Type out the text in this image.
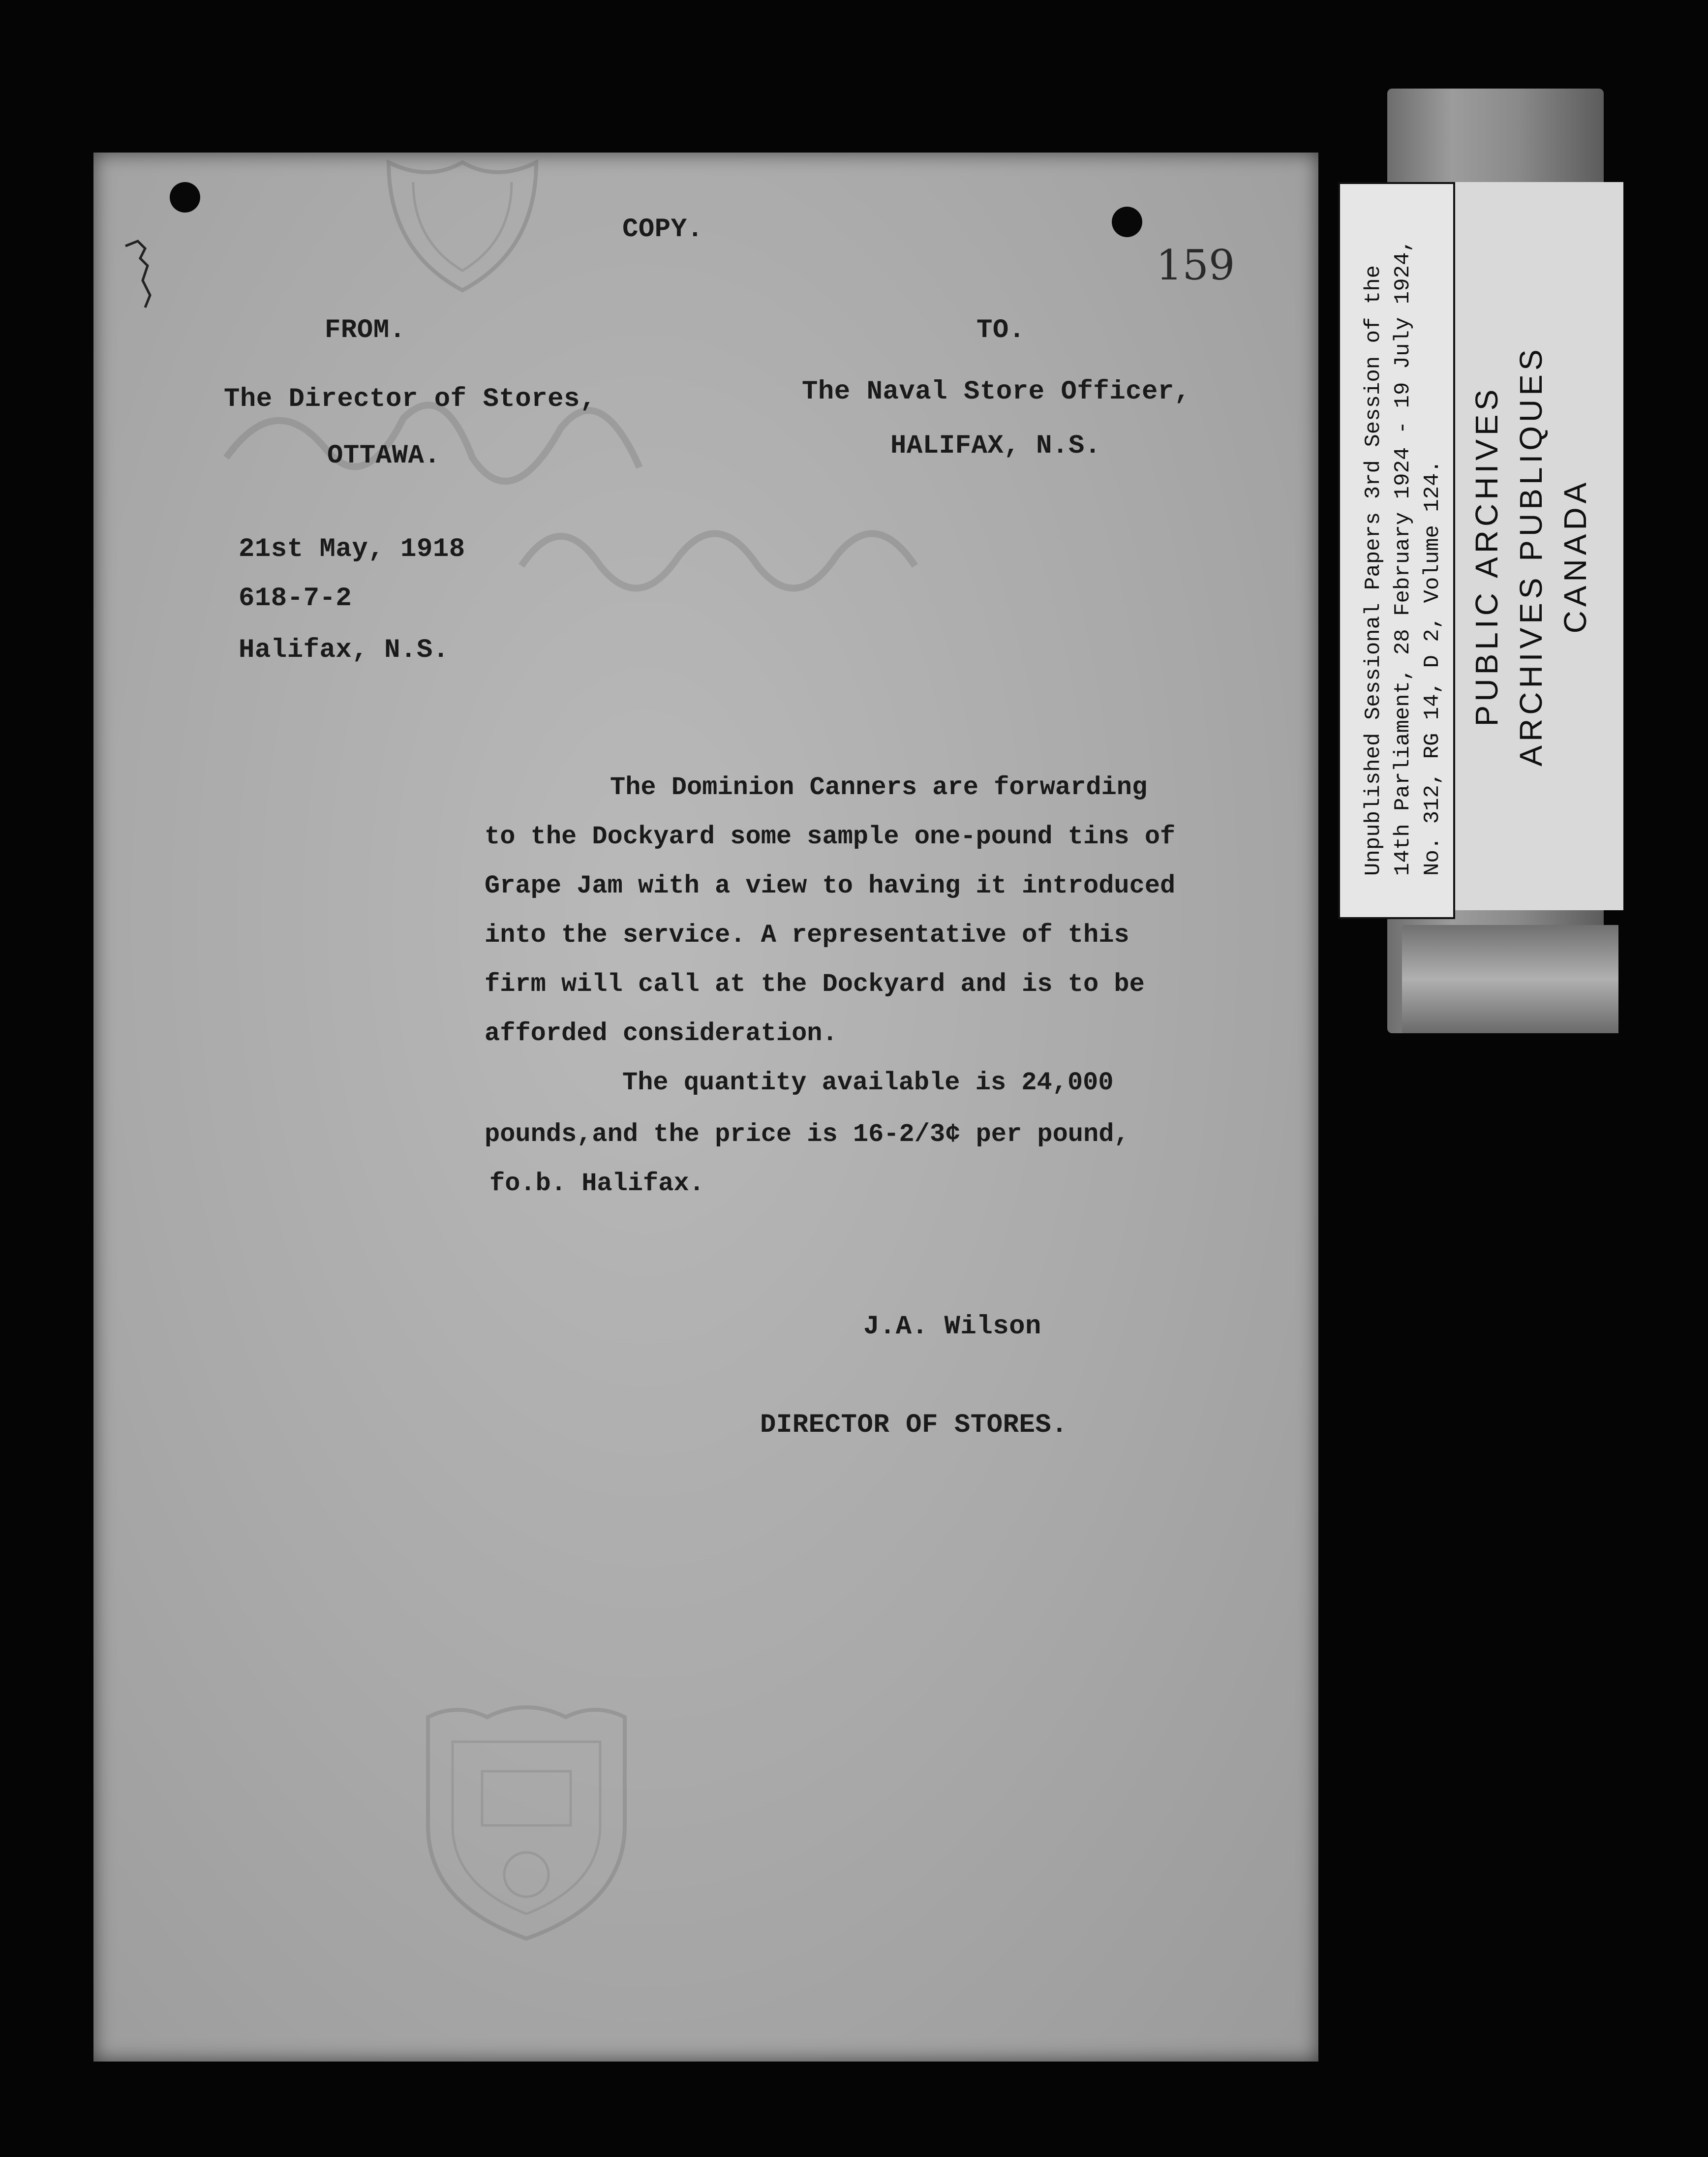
COPY.
159
FROM.	TO.
The Director of Stores,
OTTAWA.
The Naval Store Officer,
HALIFAX, N.S.
21st May, 1918
618-7-2
Halifax, N.S.
The Dominion Canners are forwarding
to the Dockyard some sample one-pound tins of
Grape Jam with a view to having it introduced
into the service. A representative of this
firm will call at the Dockyard and is to be
afforded consideration.
The quantity available is 24,000
pounds,and the price is 16-2/3¢ per pound,
fo.b. Halifax.
J.A. Wilson
DIRECTOR OF STORES.
Unpublished Sessional Papers 3rd Session of the 14th Parliament, 28 February 1924 - 19 July 1924, No. 312, RG 14, D 2, Volume 124. PUBLIC ARCHIVES ARCHIVES PUBLIQUES CANADA
